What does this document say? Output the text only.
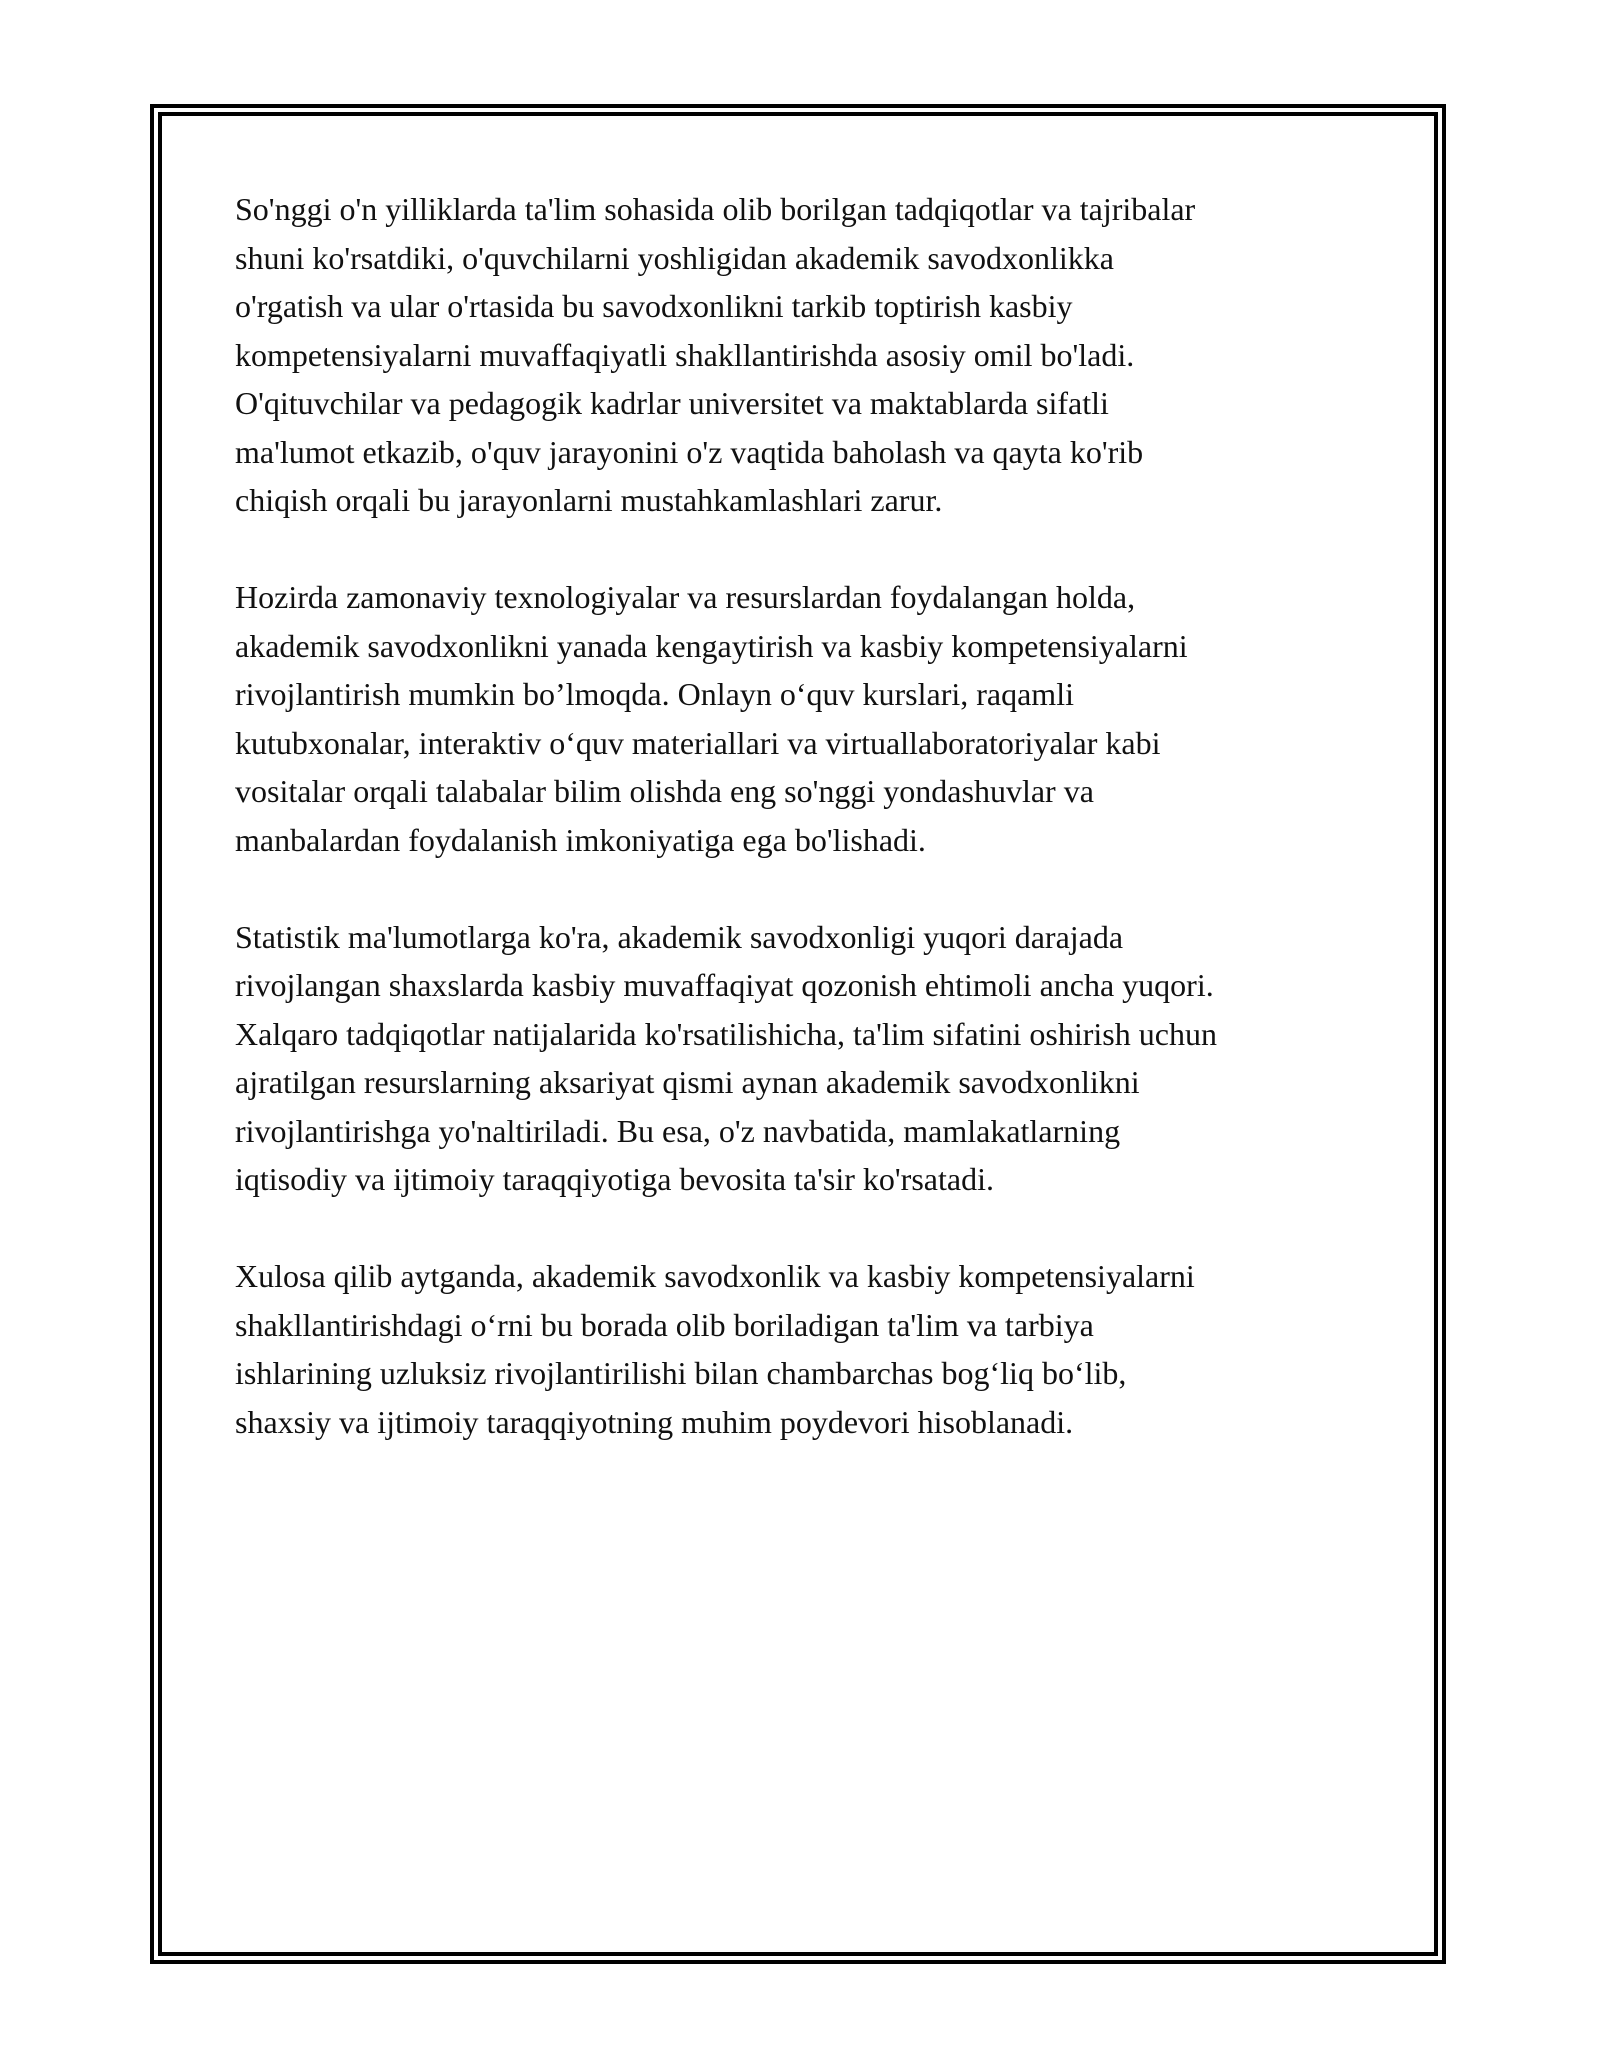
So'nggi o'n yilliklarda ta'lim sohasida olib borilgan tadqiqotlar va tajribalar
shuni ko'rsatdiki, o'quvchilarni yoshligidan akademik savodxonlikka
o'rgatish va ular o'rtasida bu savodxonlikni tarkib toptirish kasbiy
kompetensiyalarni muvaffaqiyatli shakllantirishda asosiy omil bo'ladi.
O'qituvchilar va pedagogik kadrlar universitet va maktablarda sifatli
ma'lumot etkazib, o'quv jarayonini o'z vaqtida baholash va qayta ko'rib
chiqish orqali bu jarayonlarni mustahkamlashlari zarur.

Hozirda zamonaviy texnologiyalar va resurslardan foydalangan holda,
akademik savodxonlikni yanada kengaytirish va kasbiy kompetensiyalarni
rivojlantirish mumkin bo’lmoqda. Onlayn o‘quv kurslari, raqamli
kutubxonalar, interaktiv o‘quv materiallari va virtuallaboratoriyalar kabi
vositalar orqali talabalar bilim olishda eng so'nggi yondashuvlar va
manbalardan foydalanish imkoniyatiga ega bo'lishadi.

Statistik ma'lumotlarga ko'ra, akademik savodxonligi yuqori darajada
rivojlangan shaxslarda kasbiy muvaffaqiyat qozonish ehtimoli ancha yuqori.
Xalqaro tadqiqotlar natijalarida ko'rsatilishicha, ta'lim sifatini oshirish uchun
ajratilgan resurslarning aksariyat qismi aynan akademik savodxonlikni
rivojlantirishga yo'naltiriladi. Bu esa, o'z navbatida, mamlakatlarning
iqtisodiy va ijtimoiy taraqqiyotiga bevosita ta'sir ko'rsatadi.

Xulosa qilib aytganda, akademik savodxonlik va kasbiy kompetensiyalarni
shakllantirishdagi o‘rni bu borada olib boriladigan ta'lim va tarbiya
ishlarining uzluksiz rivojlantirilishi bilan chambarchas bog‘liq bo‘lib,
shaxsiy va ijtimoiy taraqqiyotning muhim poydevori hisoblanadi.
